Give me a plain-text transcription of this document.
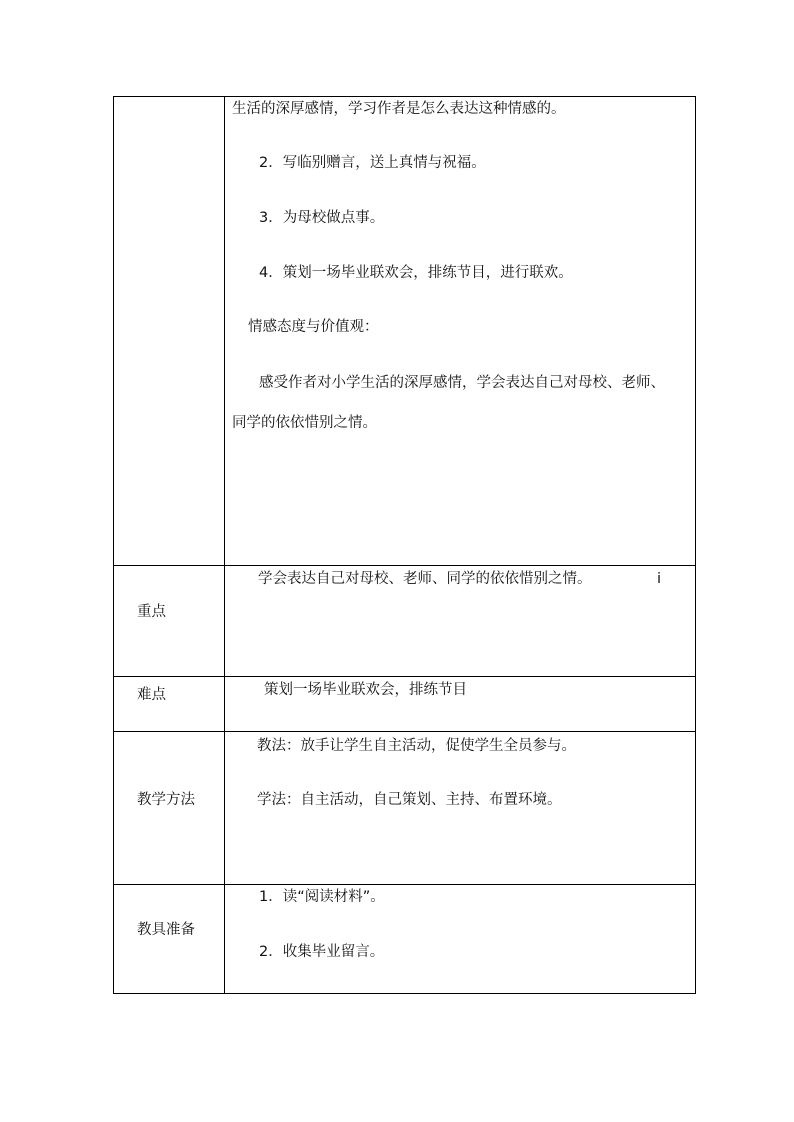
生活的深厚感情，学习作者是怎么表达这种情感的。
2．写临别赠言，送上真情与祝福。
3．为母校做点事。
4．策划一场毕业联欢会，排练节目，进行联欢。
情感态度与价值观：
感受作者对小学生活的深厚感情，学会表达自己对母校、老师、
同学的依依惜别之情。
重点
学会表达自己对母校、老师、同学的依依惜别之情。	i
难点	策划一场毕业联欢会，排练节目
教学方法
教法：放手让学生自主活动，促使学生全员参与。
学法：自主活动，自己策划、主持、布置环境。
教具准备
1．读“阅读材料”。
2．收集毕业留言。
